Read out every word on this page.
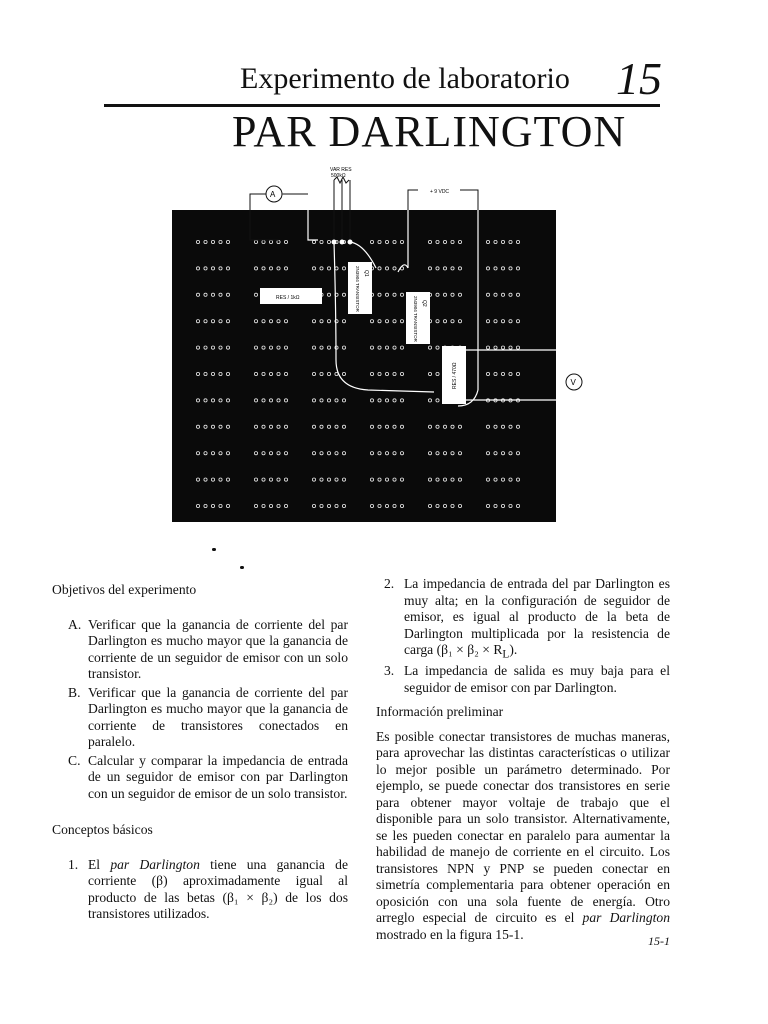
Experimento de laboratorio 15
PAR DARLINGTON
VAR RES
500kΩ
A	+ 9 VDC
Q1
2N3904 TRANSISTOR	Q2
2N3904 TRANSISTOR
RES / 1kΩ
RES / 470Ω	V
Objetivos del experimento

A. Verificar que la ganancia de corriente del par Darlington es mucho mayor que la ganancia de corriente de un seguidor de emisor con un solo transistor.

B. Verificar que la ganancia de corriente del par Darlington es mucho mayor que la ganancia de corriente de transistores conectados en paralelo.

C. Calcular y comparar la impedancia de entrada de un seguidor de emisor con par Darlington con un seguidor de emisor de un solo transistor.

Conceptos básicos

1. El par Darlington tiene una ganancia de corriente (β) aproximadamente igual al producto de las betas (β₁ × β₂) de los dos transistores utilizados.

2. La impedancia de entrada del par Darlington es muy alta; en la configuración de seguidor de emisor, es igual al producto de la beta de Darlington multiplicada por la resistencia de carga $(\beta_1 \times \beta_2 \times R_L)$.

3. La impedancia de salida es muy baja para el seguidor de emisor con par Darlington.

Información preliminar

Es posible conectar transistores de muchas maneras, para aprovechar las distintas características o utilizar lo mejor posible un parámetro determinado. Por ejemplo, se puede conectar dos transistores en serie para obtener mayor voltaje de trabajo que el disponible para un solo transistor. Alternativamente, se les pueden conectar en paralelo para aumentar la habilidad de manejo de corriente en el circuito. Los transistores NPN y PNP se pueden conectar en simetría complementaria para obtener operación en oposición con una sola fuente de energía. Otro arreglo especial de circuito es el par Darlington mostrado en la figura 15-1.	15-1
